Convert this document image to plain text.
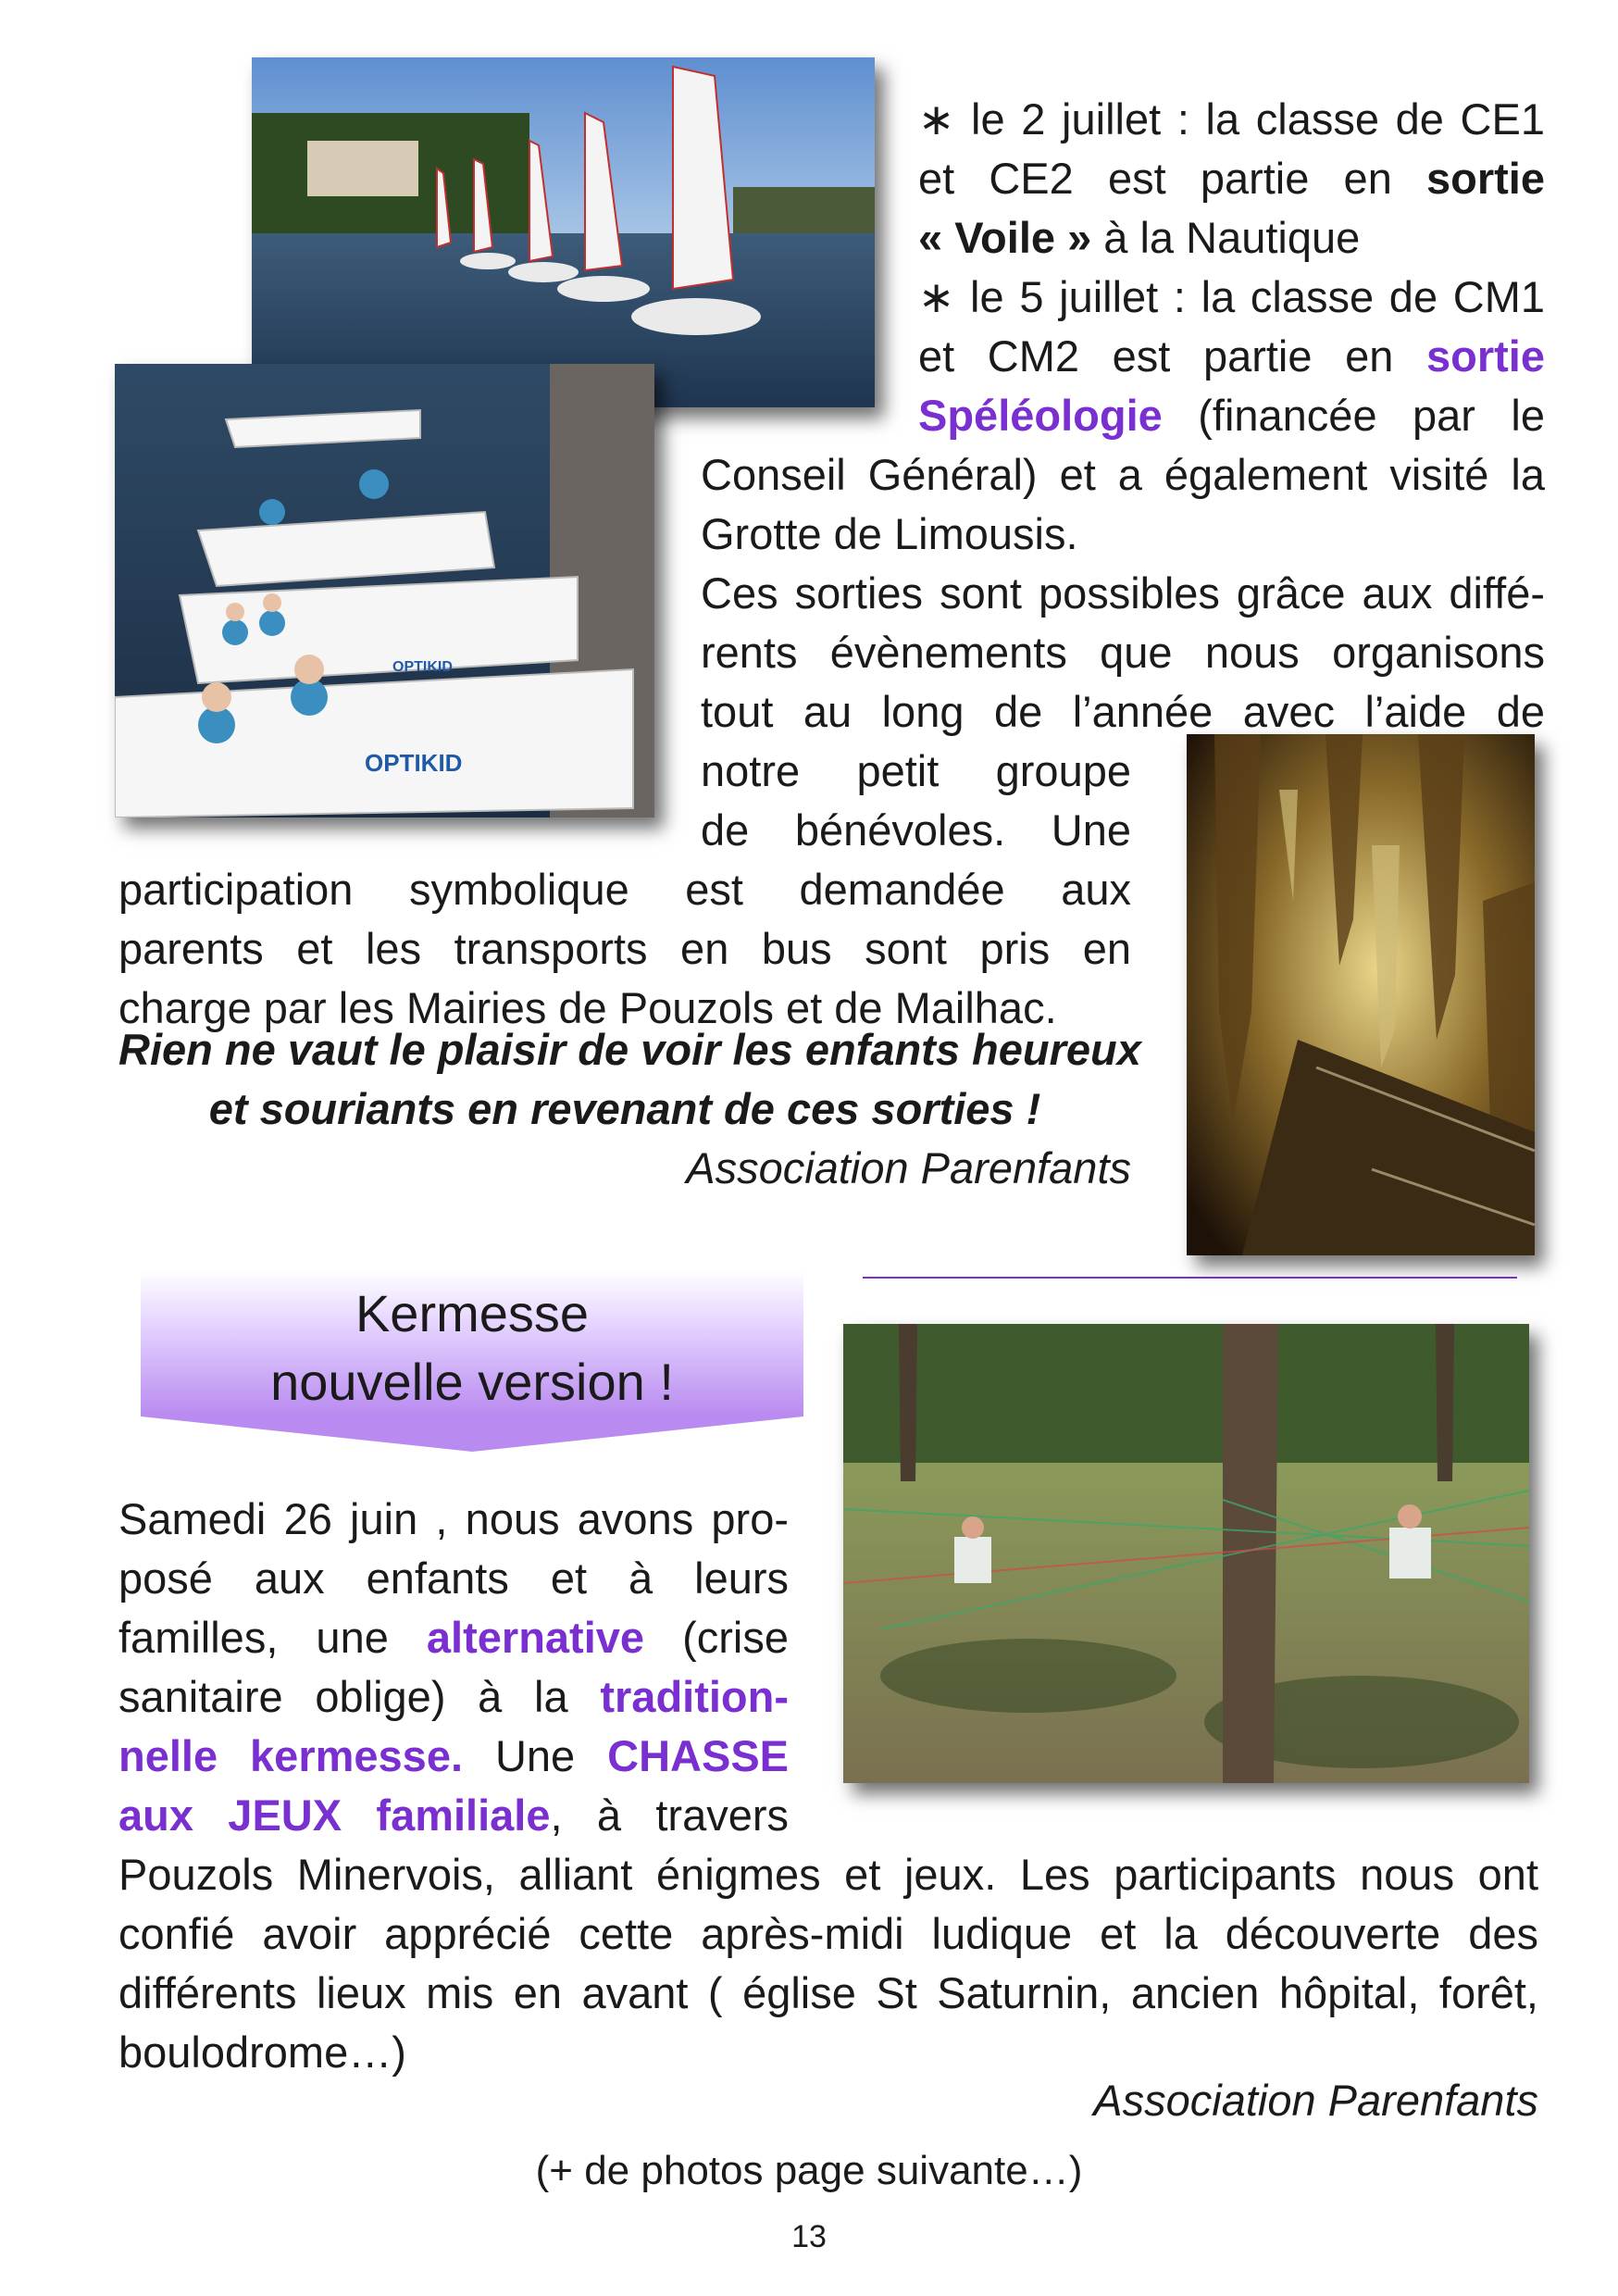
OPTIKID
OPTIKID
∗ le 2 juillet : la classe de CE1
et CE2 est partie en sortie
« Voile » à la Nautique
∗ le 5 juillet : la classe de CM1
et CM2 est partie en sortie
Spéléologie (financée par le
Conseil Général) et a également visité la
Grotte de Limousis.
Ces sorties sont possibles grâce aux diffé-
rents évènements que nous organisons
tout au long de l’année avec l’aide de
notre petit groupe
de bénévoles. Une
participation symbolique est demandée aux
parents et les transports en bus sont pris en
charge par les Mairies de Pouzols et de Mailhac.
Rien ne vaut le plaisir de voir les enfants heureux
et souriants en revenant de ces sorties !
Association Parenfants
Kermesse
nouvelle version !
Samedi 26 juin , nous avons pro-
posé aux enfants et à leurs
familles, une alternative (crise
sanitaire oblige) à la tradition-
nelle kermesse. Une CHASSE
aux JEUX familiale, à travers
Pouzols Minervois, alliant énigmes et jeux. Les participants nous ont
confié avoir apprécié cette après-midi ludique et la découverte des
différents lieux mis en avant ( église St Saturnin, ancien hôpital, forêt,
boulodrome…)
Association Parenfants
(+ de photos page suivante…)
13
